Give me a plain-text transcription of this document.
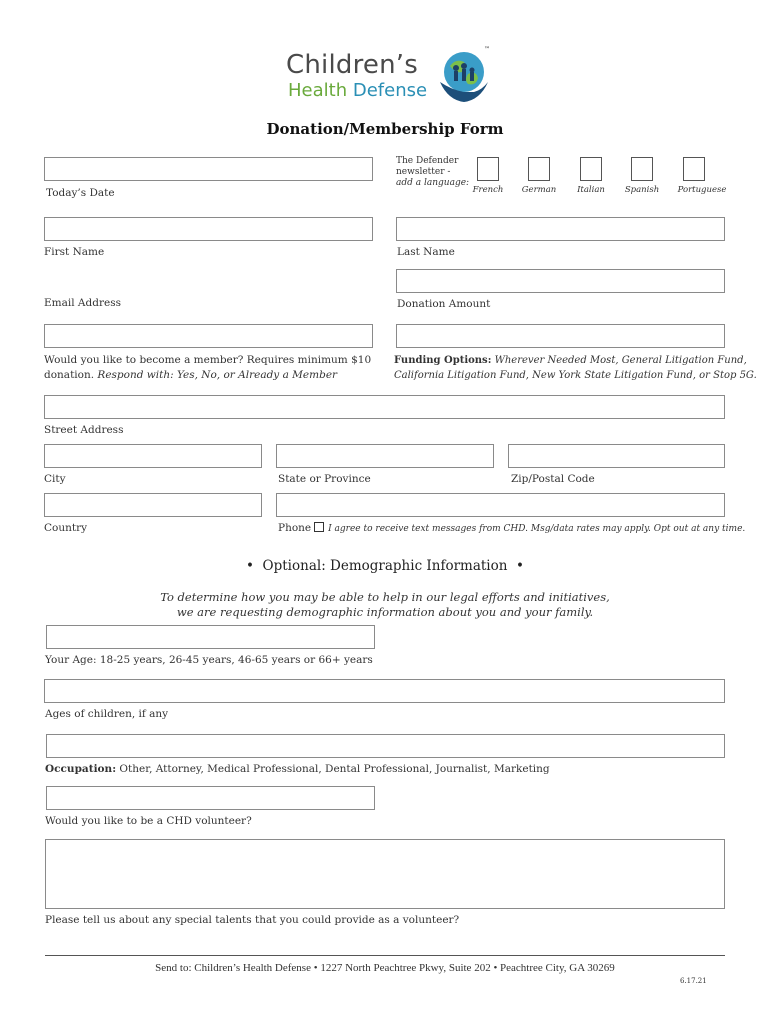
Children’s
Health Defense
™
Donation/Membership Form
Today’s Date
The Defender
newsletter -
add a language:
French	German	Italian	Spanish	Portuguese
First Name	Last Name
Email Address	Donation Amount
Would you like to become a member? Requires minimum $10
donation. Respond with: Yes, No, or Already a Member
Funding Options: Wherever Needed Most, General Litigation Fund,
California Litigation Fund, New York State Litigation Fund, or Stop 5G.
Street Address
City	State or Province	Zip/Postal Code
Country	Phone I agree to receive text messages from CHD. Msg/data rates may apply. Opt out at any time.
• Optional: Demographic Information •
To determine how you may be able to help in our legal efforts and initiatives,
we are requesting demographic information about you and your family.
Your Age: 18-25 years, 26-45 years, 46-65 years or 66+ years
Ages of children, if any
Occupation: Other, Attorney, Medical Professional, Dental Professional, Journalist, Marketing
Would you like to be a CHD volunteer?
Please tell us about any special talents that you could provide as a volunteer?
Send to: Children’s Health Defense • 1227 North Peachtree Pkwy, Suite 202 • Peachtree City, GA 30269
6.17.21
